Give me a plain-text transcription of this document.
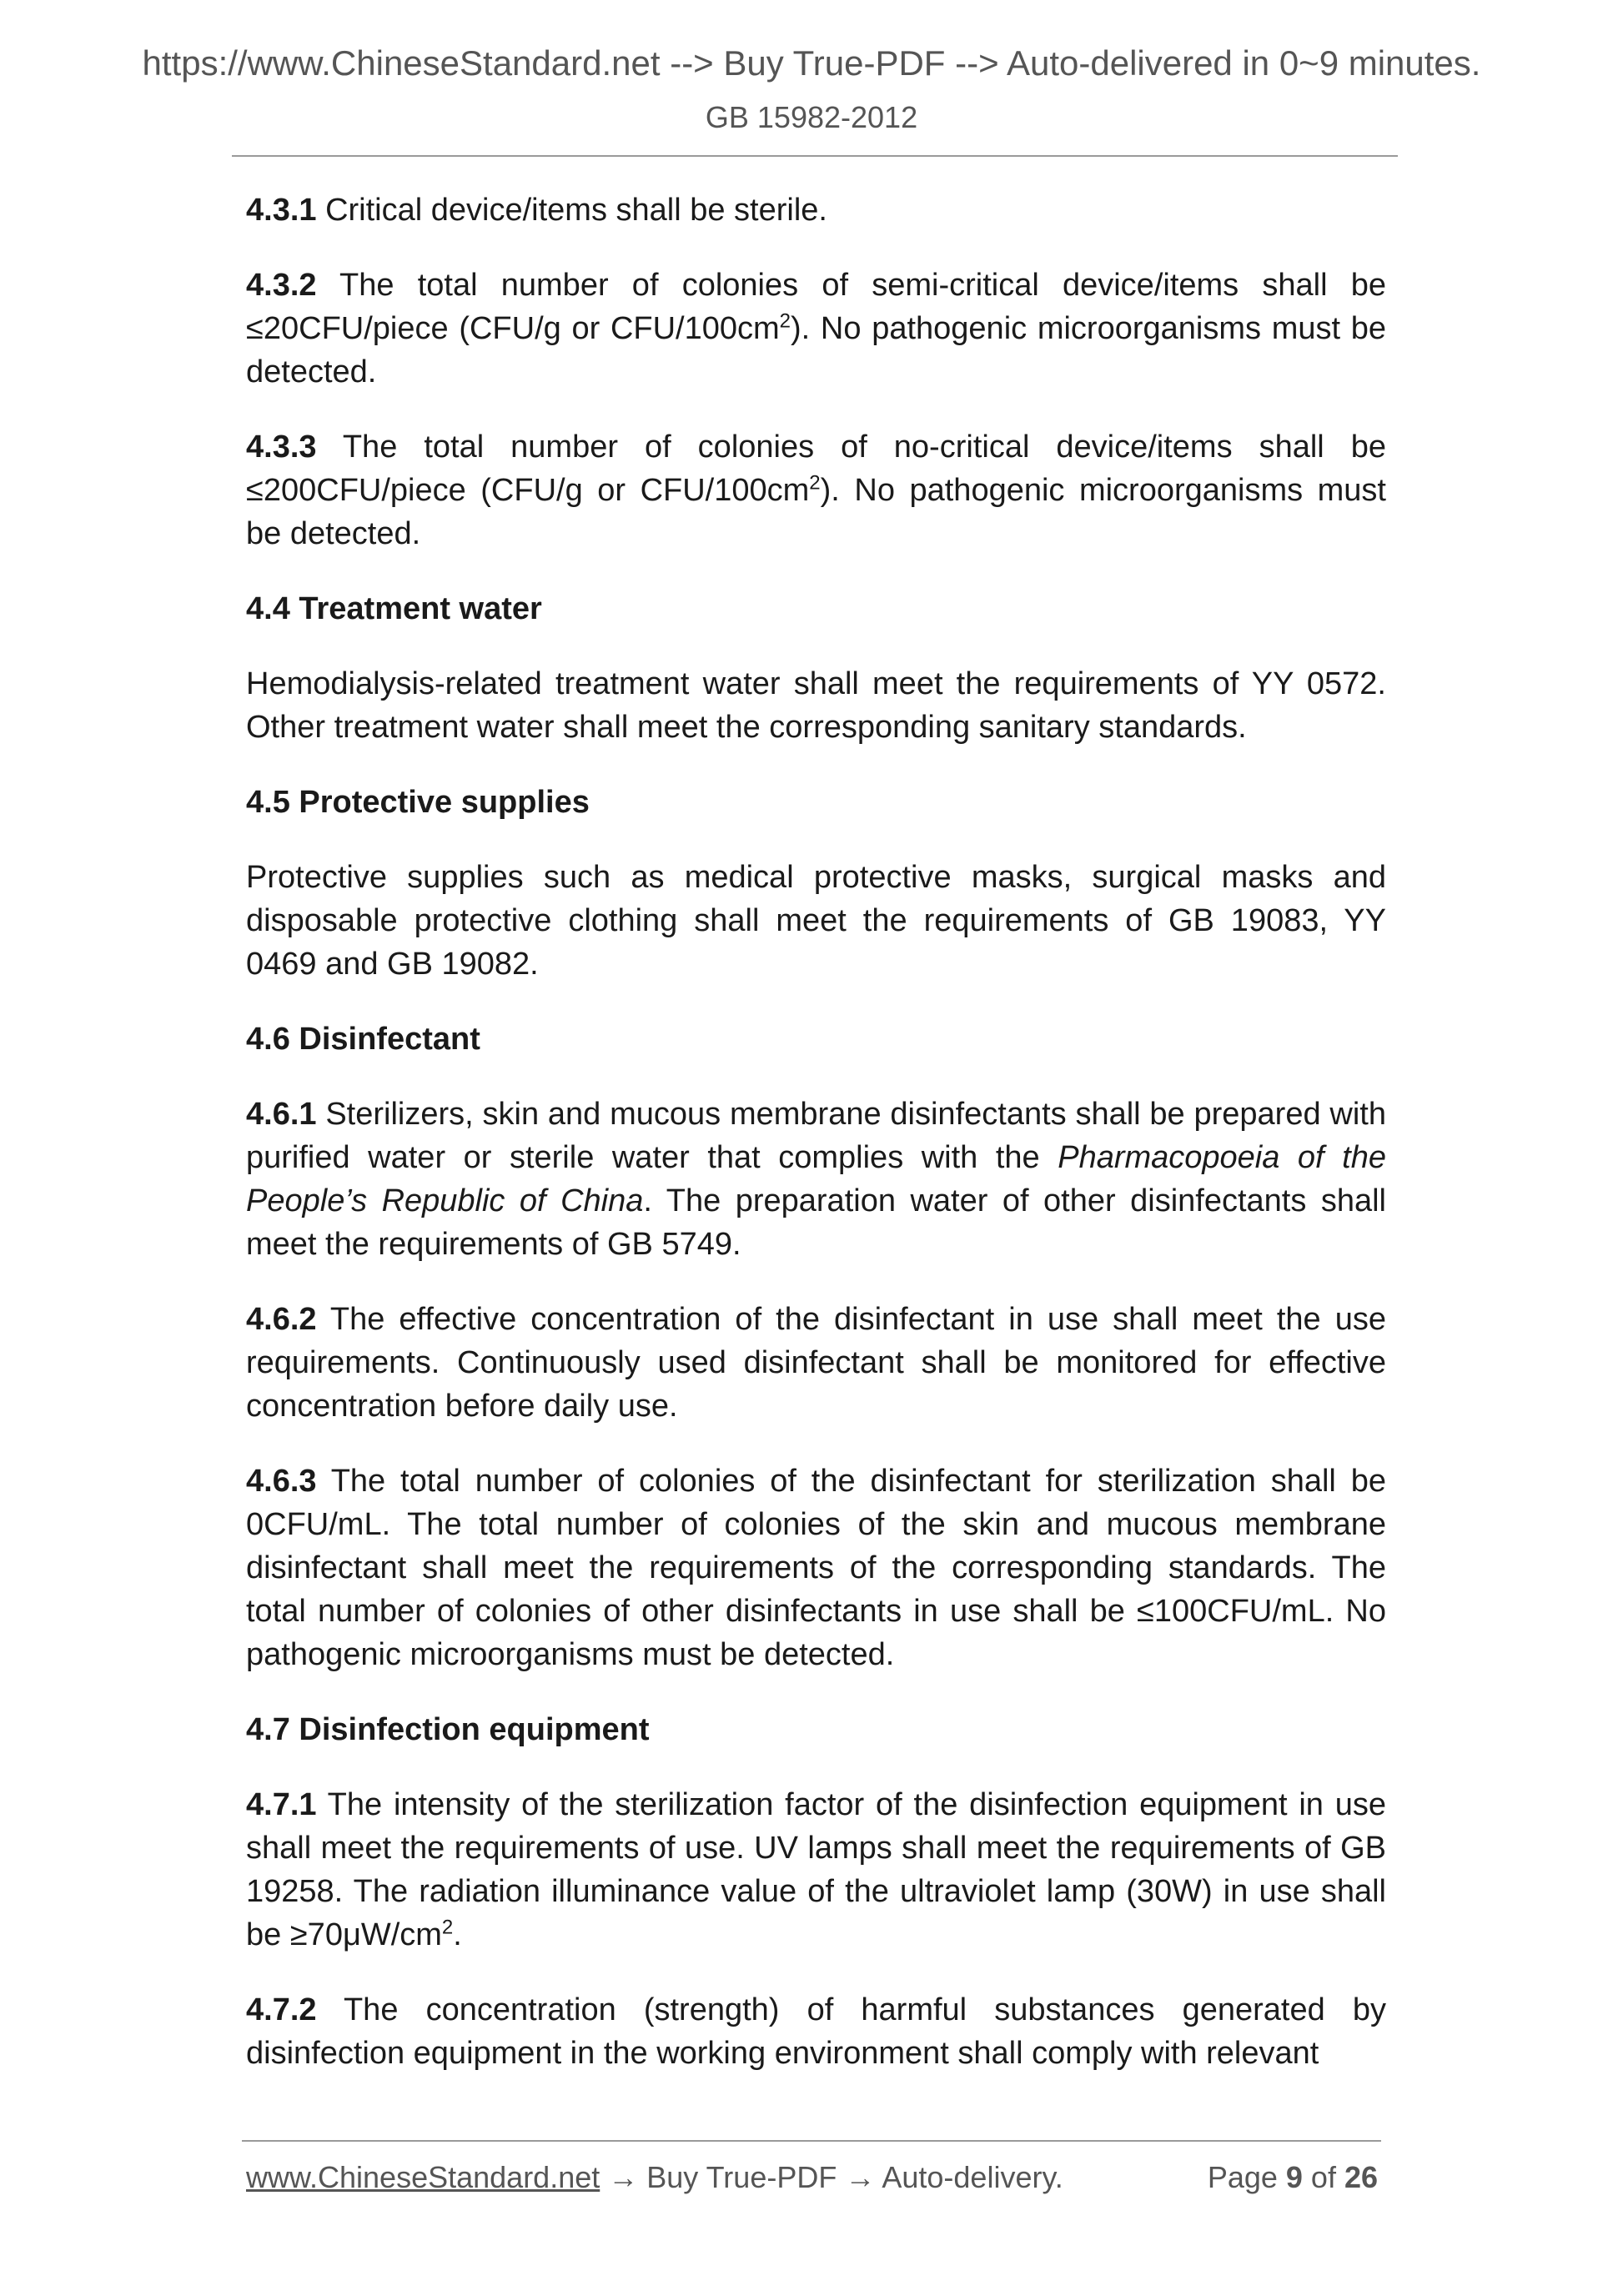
https://www.ChineseStandard.net --> Buy True-PDF --> Auto-delivered in 0~9 minutes.
GB 15982-2012

4.3.1 Critical device/items shall be sterile.

4.3.2 The total number of colonies of semi-critical device/items shall be ≤20CFU/piece (CFU/g or CFU/$100cm^2$). No pathogenic microorganisms must be detected.

4.3.3 The total number of colonies of no-critical device/items shall be ≤200CFU/piece (CFU/g or CFU/$100cm^2$). No pathogenic microorganisms must be detected.

4.4 Treatment water

Hemodialysis-related treatment water shall meet the requirements of YY 0572. Other treatment water shall meet the corresponding sanitary standards.

4.5 Protective supplies

Protective supplies such as medical protective masks, surgical masks and disposable protective clothing shall meet the requirements of GB 19083, YY 0469 and GB 19082.

4.6 Disinfectant

4.6.1 Sterilizers, skin and mucous membrane disinfectants shall be prepared with purified water or sterile water that complies with the Pharmacopoeia of the People’s Republic of China. The preparation water of other disinfectants shall meet the requirements of GB 5749.

4.6.2 The effective concentration of the disinfectant in use shall meet the use requirements. Continuously used disinfectant shall be monitored for effective concentration before daily use.

4.6.3 The total number of colonies of the disinfectant for sterilization shall be 0CFU/mL. The total number of colonies of the skin and mucous membrane disinfectant shall meet the requirements of the corresponding standards. The total number of colonies of other disinfectants in use shall be ≤100CFU/mL. No pathogenic microorganisms must be detected.

4.7 Disinfection equipment

4.7.1 The intensity of the sterilization factor of the disinfection equipment in use shall meet the requirements of use. UV lamps shall meet the requirements of GB 19258. The radiation illuminance value of the ultraviolet lamp (30W) in use shall be $\ge 70\mu W/cm^2$.

4.7.2 The concentration (strength) of harmful substances generated by disinfection equipment in the working environment shall comply with relevant

www.ChineseStandard.net → Buy True-PDF → Auto-delivery.	Page 9 of 26
